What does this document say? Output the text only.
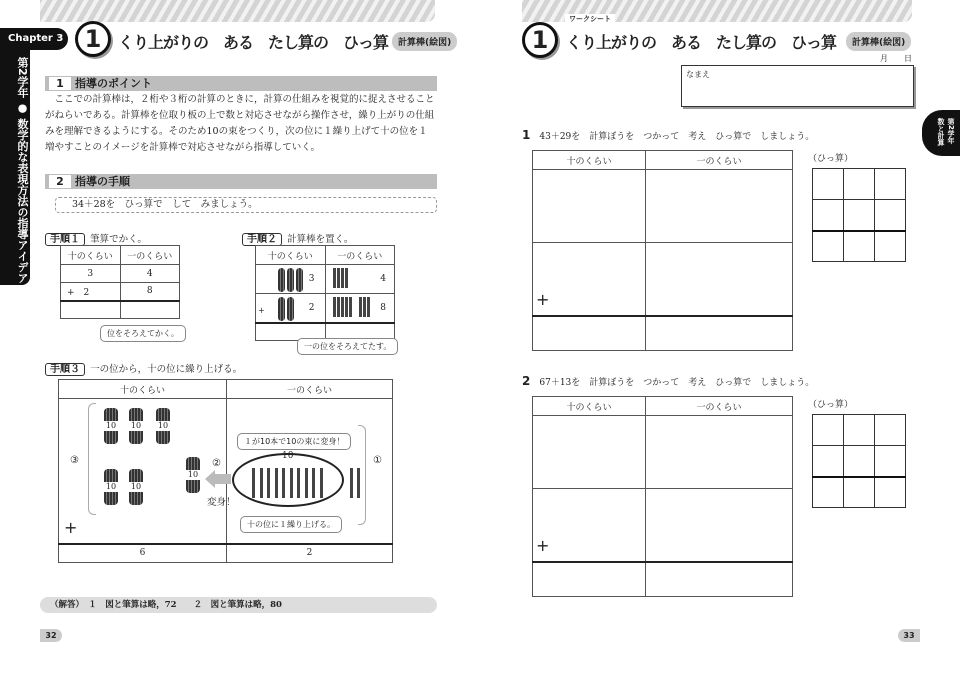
Chapter 3
第2学年 ● 数学的な表現方法の指導アイデア
1	くり上がりの　ある　たし算の　ひっ算	計算棒(絵図)
1 指導のポイント
ここでの計算棒は，２桁や３桁の計算のときに，計算の仕組みを視覚的に捉えさせることがねらいである。計算棒を位取り板の上で数と対応させながら操作させ，繰り上がりの仕組みを理解できるようにする。そのため10の束をつくり，次の位に１繰り上げて十の位を１増やすことのイメージを計算棒で対応させながら指導していく。
2 指導の手順
34＋28を　ひっ算で　して　みましょう。
手順１ 筆算でかく。
十のくらい	一のくらい
3	4
+　2	8

位をそろえてかく。
手順２ 計算棒を置く。
十のくらい	一のくらい
3	4
2	8

+
一の位をそろえてたす。
手順３ 一の位から，十の位に繰り上げる。
十のくらい	一のくらい

6	2
10 10 10
10 10
10
③	①
②
１が10本で10の束に変身！
10
変身！
十の位に１繰り上げる。
+
（解答）　１　図と筆算は略，72　　２　図と筆算は略，80
32
ワークシート
1	くり上がりの　ある　たし算の　ひっ算	計算棒(絵図)
月　　日
なまえ
第2学年 数と計算
1　 43＋29を　計算ぼうを　つかって　考え　ひっ算で　しましょう。
2　 67＋13を　計算ぼうを　つかって　考え　ひっ算で　しましょう。
十のくらい	一のくらい

+
（ひっ算）

十のくらい	一のくらい

+
（ひっ算）

33
